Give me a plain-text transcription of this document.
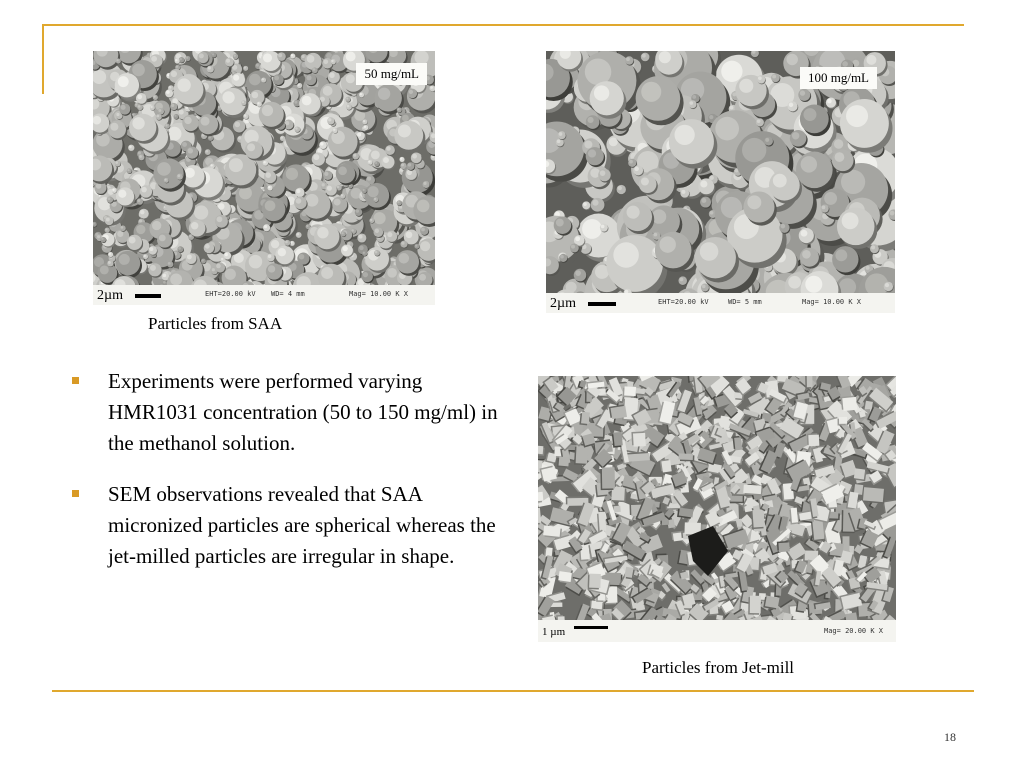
50 mg/mL
2µm	EHT=20.00 kV WD= 4 mm	Mag= 10.00 K X
100 mg/mL
2µm	EHT=20.00 kV	WD= 5 mm	Mag= 10.00 K X
1 µm	Mag= 20.00 K X
Particles from SAA
Particles from Jet-mill
Experiments were performed varying HMR1031 concentration (50 to 150 mg/ml) in the methanol solution.
SEM observations revealed that SAA micronized particles are spherical whereas the jet-milled particles are irregular in shape.
18
